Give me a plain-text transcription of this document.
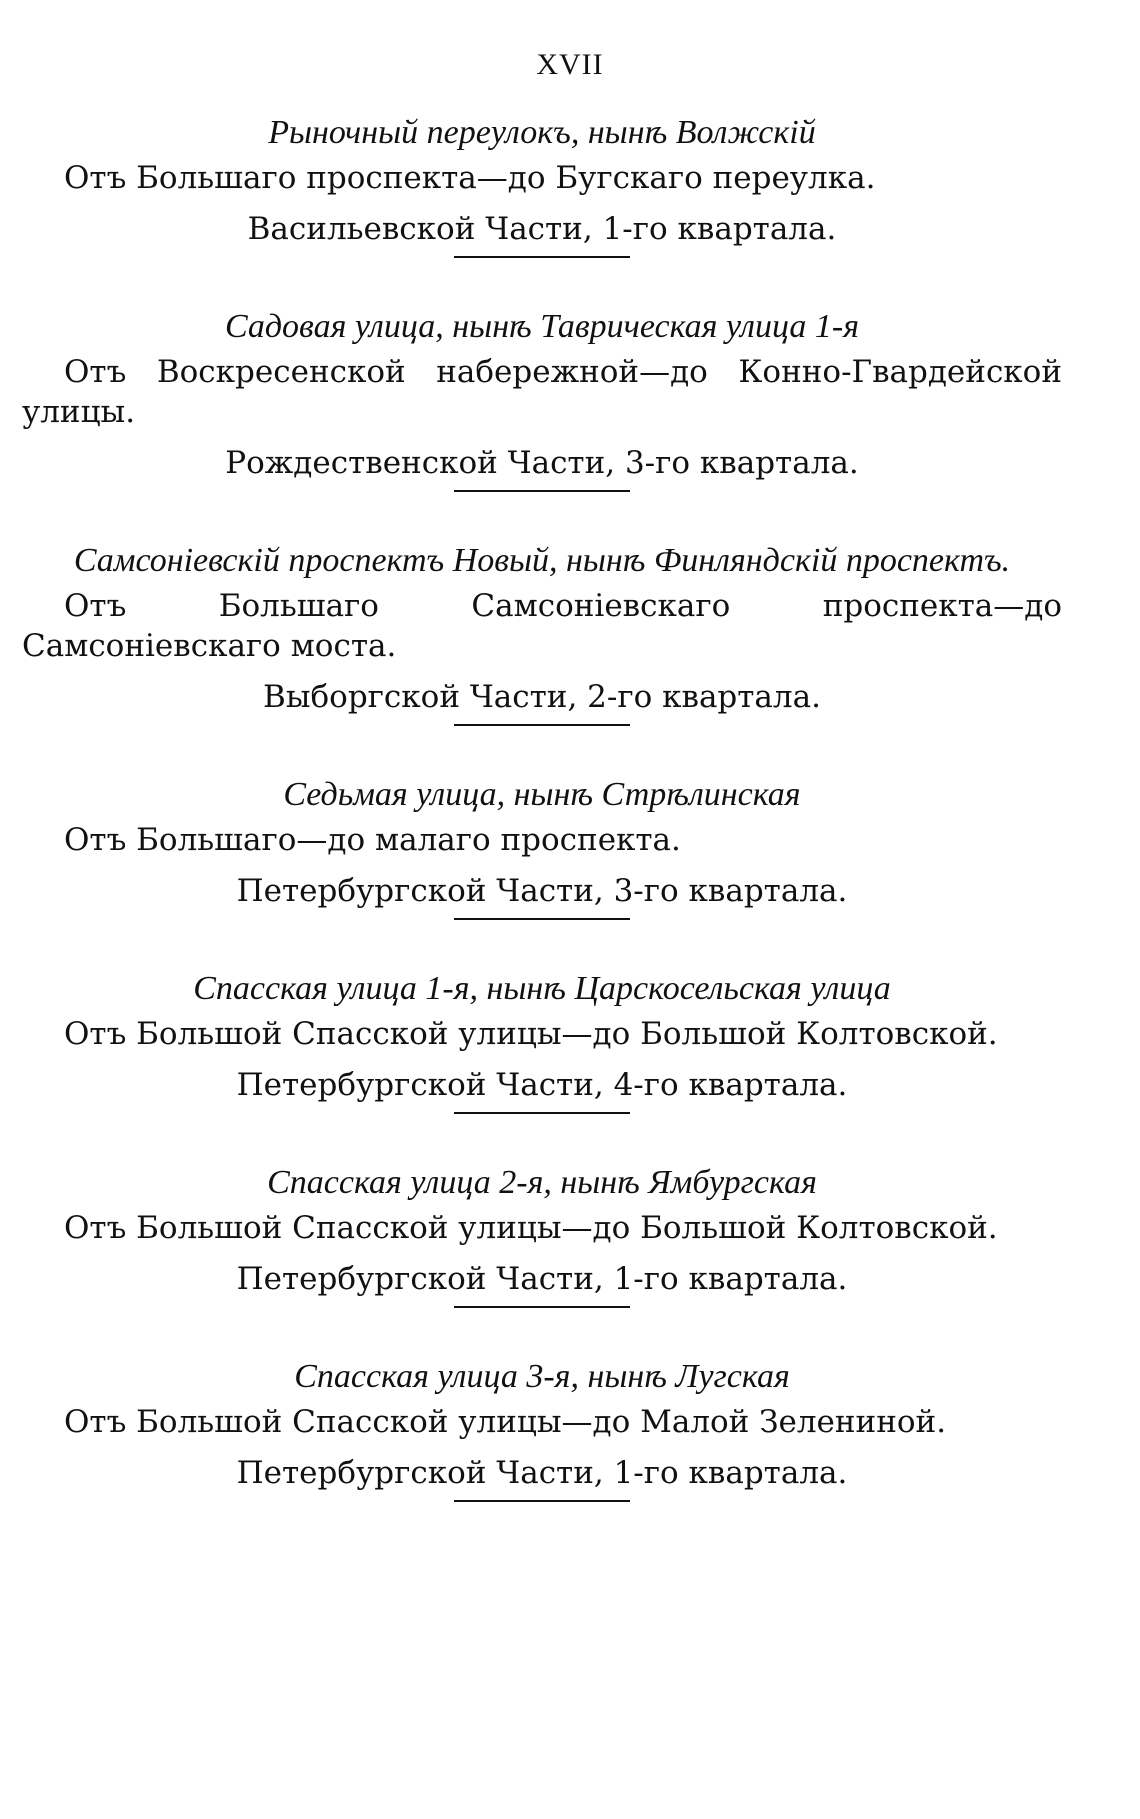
XVII

Рыночный переулокъ, нынѣ Волжскій

Отъ Большаго проспекта—до Бугскаго переулка.

Васильевской Части, 1-го квартала.

Садовая улица, нынѣ Таврическая улица 1-я

Отъ Воскресенской набережной—до Конно-Гвардейской улицы.

Рождественской Части, 3-го квартала.

Самсоніевскій проспектъ Новый, нынѣ Финляндскій проспектъ.

Отъ Большаго Самсоніевскаго проспекта—до Самсоніевскаго моста.

Выборгской Части, 2-го квартала.

Седьмая улица, нынѣ Стрѣлинская

Отъ Большаго—до малаго проспекта.

Петербургской Части, 3-го квартала.

Спасская улица 1-я, нынѣ Царскосельская улица

Отъ Большой Спасской улицы—до Большой Колтовской.

Петербургской Части, 4-го квартала.

Спасская улица 2-я, нынѣ Ямбургская

Отъ Большой Спасской улицы—до Большой Колтовской.

Петербургской Части, 1-го квартала.

Спасская улица 3-я, нынѣ Лугская

Отъ Большой Спасской улицы—до Малой Зелениной.

Петербургской Части, 1-го квартала.
